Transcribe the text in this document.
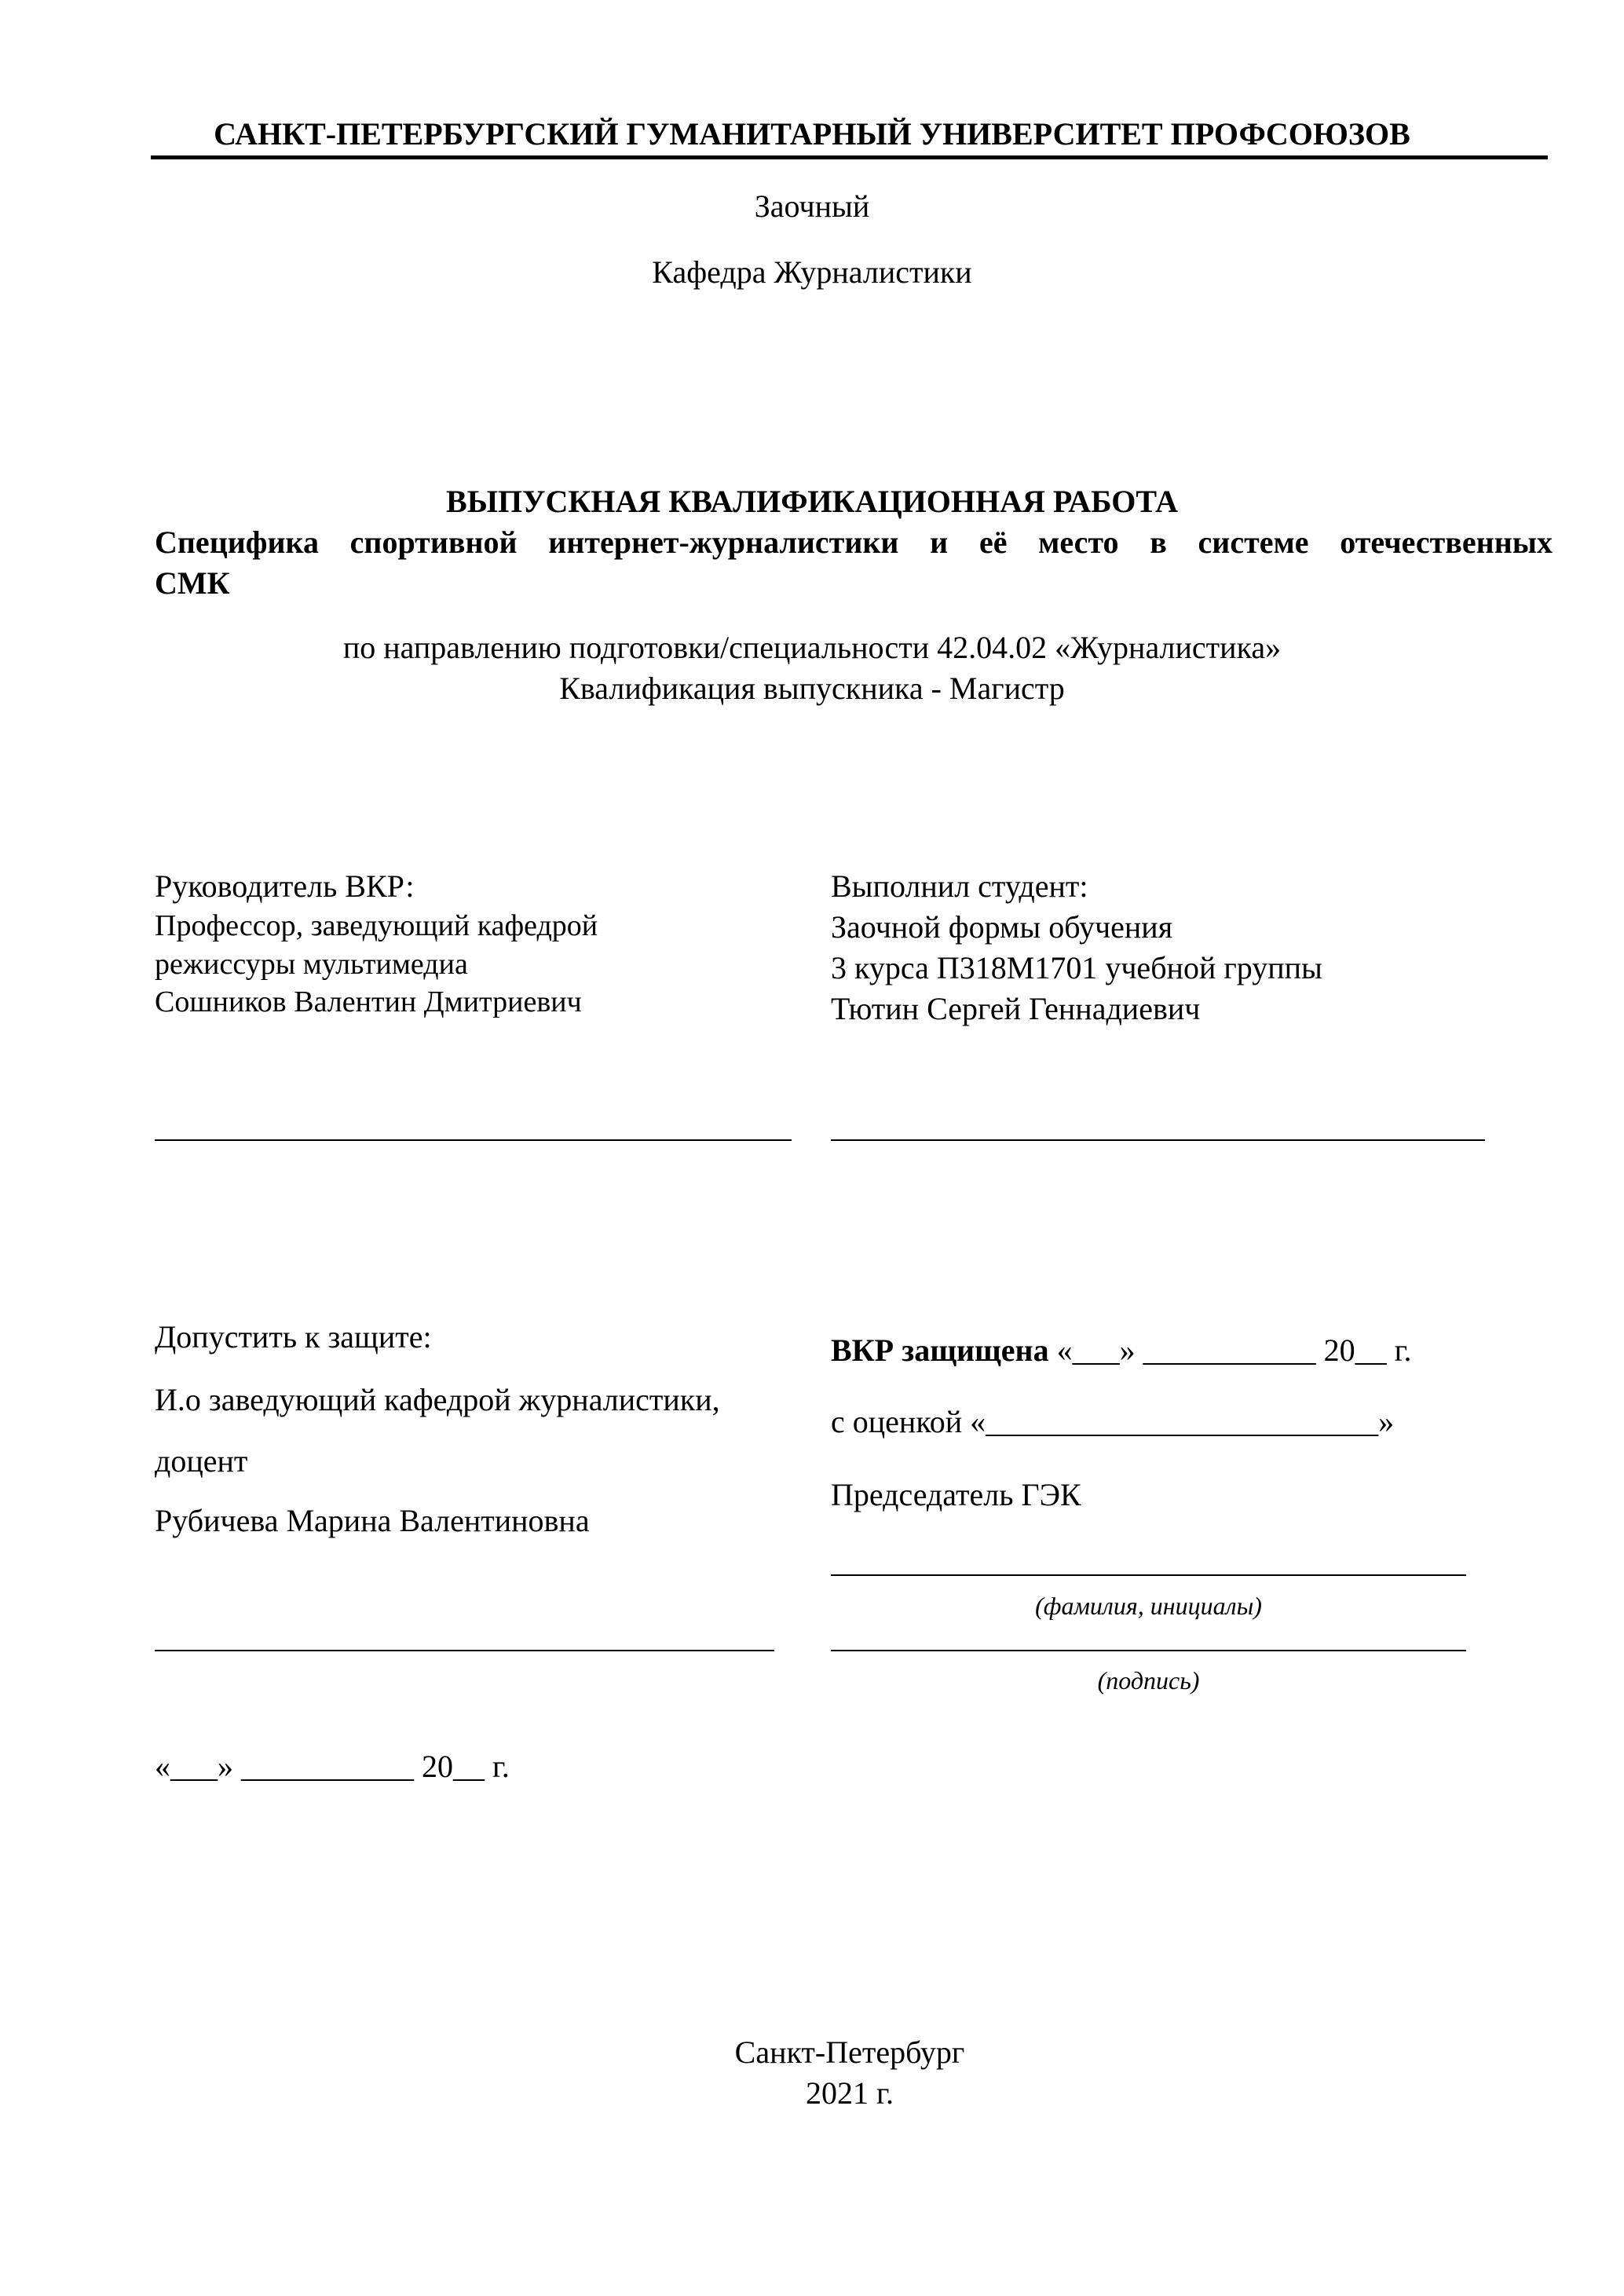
САНКТ-ПЕТЕРБУРГСКИЙ ГУМАНИТАРНЫЙ УНИВЕРСИТЕТ ПРОФСОЮЗОВ
Заочный
Кафедра Журналистики
ВЫПУСКНАЯ КВАЛИФИКАЦИОННАЯ РАБОТА
Специфика спортивной интернет-журналистики и её место в системе отечественных
СМК
по направлению подготовки/специальности 42.04.02 «Журналистика»
Квалификация выпускника - Магистр
Руководитель ВКР:
Профессор, заведующий кафедрой
режиссуры мультимедиа
Сошников Валентин Дмитриевич
Выполнил студент:
Заочной формы обучения
3 курса П318М1701 учебной группы
Тютин Сергей Геннадиевич
Допустить к защите:
И.о заведующий кафедрой журналистики,
доцент
Рубичева Марина Валентиновна
«___» ___________ 20__ г.
ВКР защищена «___» ___________ 20__ г.
с оценкой «_________________________»
Председатель ГЭК
(фамилия, инициалы)
(подпись)
Санкт-Петербург
2021 г.
